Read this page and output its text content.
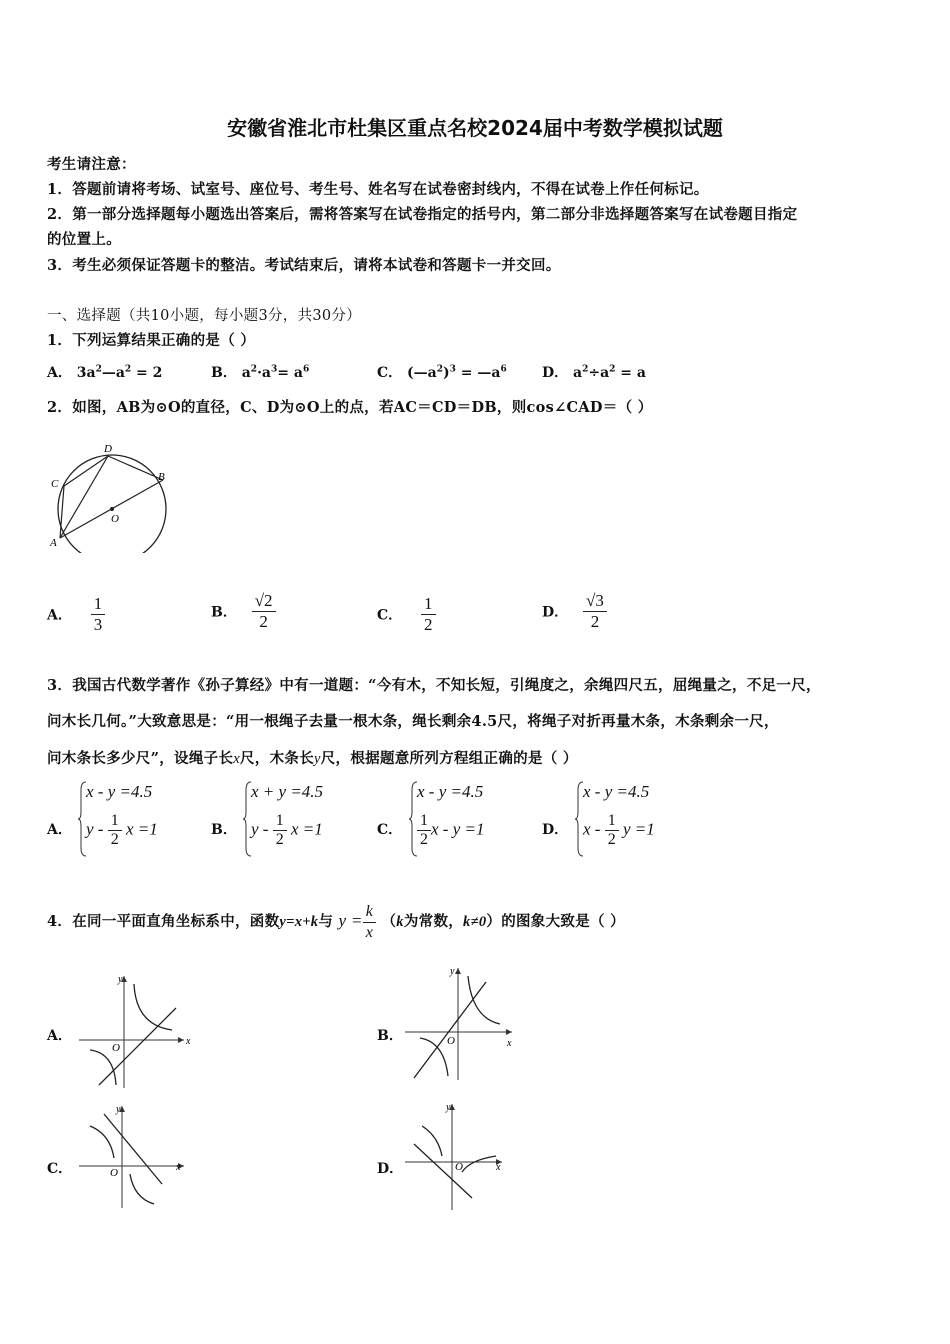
安徽省淮北市杜集区重点名校2024届中考数学模拟试题
考生请注意：
1．答题前请将考场、试室号、座位号、考生号、姓名写在试卷密封线内，不得在试卷上作任何标记。
2．第一部分选择题每小题选出答案后，需将答案写在试卷指定的括号内，第二部分非选择题答案写在试卷题目指定
的位置上。
3．考生必须保证答题卡的整洁。考试结束后，请将本试卷和答题卡一并交回。
一、选择题（共10小题，每小题3分，共30分）
1．下列运算结果正确的是（ ）
A． $3a^2—a^2 = 2$	B． $a^2\cdot a^3= a^6$	C． $(—a^2)^3$ = $—a^6$	D． $a^2\div a^2 = a$
2．如图，AB为⊙O的直径，C、D为⊙O上的点，若AC＝CD＝DB，则cos∠CAD＝（ ）
A
B
C
D
O
A． $\frac{1}{3}$	B． $\frac{√2}{2}$	C． $\frac{1}{2}$	D． $\frac{√3}{2}$
3．我国古代数学著作《孙子算经》中有一道题：“今有木，不知长短，引绳度之，余绳四尺五，屈绳量之，不足一尺，
问木长几何。”大致意思是：“用一根绳子去量一根木条，绳长剩余4.5尺，将绳子对折再量木条，木条剩余一尺，
问木条长多少尺”，设绳子长x尺，木条长y尺，根据题意所列方程组正确的是（ ）
A．
x - y =4.5
y - $\frac{1}{2}$ x =1	B．
x + y =4.5
y - $\frac{1}{2}$ x =1	C．
x - y =4.5
$\frac{1}{2}$ x - y =1	D．
x - y =4.5
x - $\frac{1}{2}$ y =1
4．在同一平面直角坐标系中，函数y=x+k与 $y = \frac{k}{x} (k$为常数，k≠0）的图象大致是（ ）
A．	x
y
O
B．	x
y
O
C．	x
y
O	D．	x
y
O
